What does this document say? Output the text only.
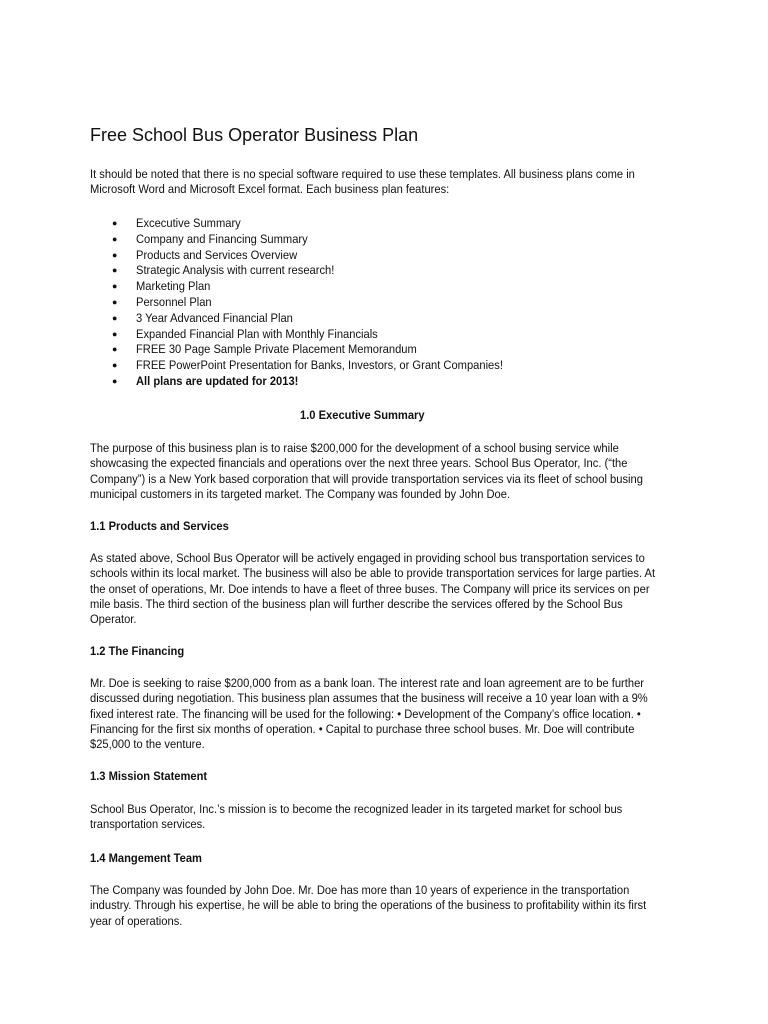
Free School Bus Operator Business Plan

It should be noted that there is no special software required to use these templates. All business plans come in Microsoft Word and Microsoft Excel format. Each business plan features:

● Excecutive Summary
● Company and Financing Summary
● Products and Services Overview
● Strategic Analysis with current research!
● Marketing Plan
● Personnel Plan
● 3 Year Advanced Financial Plan
● Expanded Financial Plan with Monthly Financials
● FREE 30 Page Sample Private Placement Memorandum
● FREE PowerPoint Presentation for Banks, Investors, or Grant Companies!
● All plans are updated for 2013!
1.0 Executive Summary

The purpose of this business plan is to raise $200,000 for the development of a school busing service while showcasing the expected financials and operations over the next three years. School Bus Operator, Inc. (“the Company”) is a New York based corporation that will provide transportation services via its fleet of school busing municipal customers in its targeted market. The Company was founded by John Doe.

1.1 Products and Services

As stated above, School Bus Operator will be actively engaged in providing school bus transportation services to schools within its local market. The business will also be able to provide transportation services for large parties. At the onset of operations, Mr. Doe intends to have a fleet of three buses. The Company will price its services on per mile basis. The third section of the business plan will further describe the services offered by the School Bus Operator.

1.2 The Financing

Mr. Doe is seeking to raise $200,000 from as a bank loan. The interest rate and loan agreement are to be further discussed during negotiation. This business plan assumes that the business will receive a 10 year loan with a 9% fixed interest rate. The financing will be used for the following: • Development of the Company’s office location. • Financing for the first six months of operation. • Capital to purchase three school buses. Mr. Doe will contribute $25,000 to the venture.

1.3 Mission Statement

School Bus Operator, Inc.’s mission is to become the recognized leader in its targeted market for school bus transportation services.

1.4 Mangement Team

The Company was founded by John Doe. Mr. Doe has more than 10 years of experience in the transportation industry. Through his expertise, he will be able to bring the operations of the business to profitability within its first year of operations.
